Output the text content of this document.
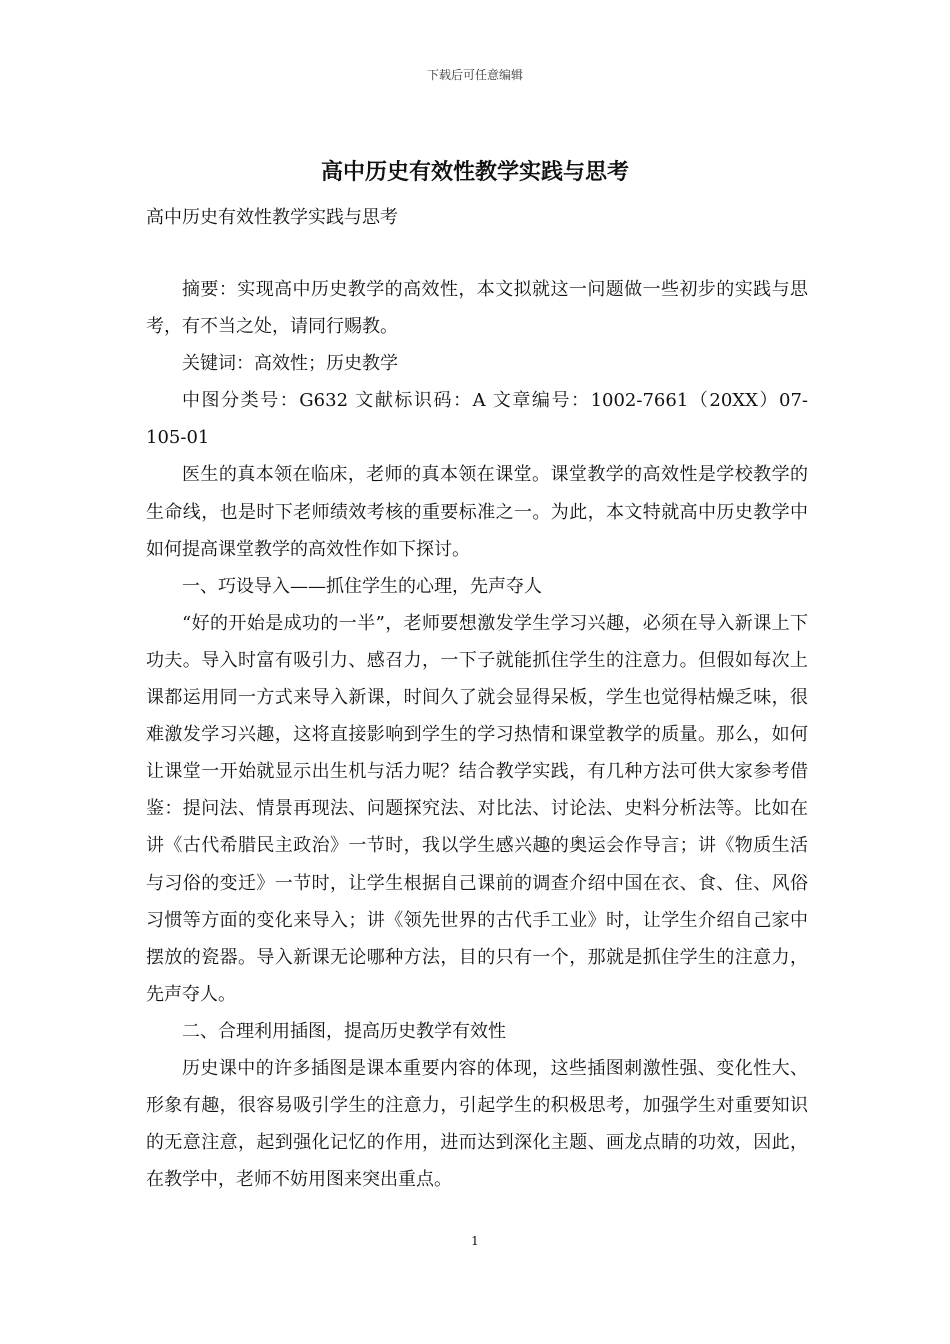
下载后可任意编辑
高中历史有效性教学实践与思考
高中历史有效性教学实践与思考

摘要：实现高中历史教学的高效性，本文拟就这一问题做一些初步的实践与思考，有不当之处，请同行赐教。

关键词：高效性；历史教学

中图分类号：G632 文献标识码：A 文章编号：1002-7661（20XX）07-105-01

医生的真本领在临床，老师的真本领在课堂。课堂教学的高效性是学校教学的生命线，也是时下老师绩效考核的重要标准之一。为此，本文特就高中历史教学中如何提高课堂教学的高效性作如下探讨。

一、巧设导入——抓住学生的心理，先声夺人

“好的开始是成功的一半”，老师要想激发学生学习兴趣，必须在导入新课上下功夫。导入时富有吸引力、感召力，一下子就能抓住学生的注意力。但假如每次上课都运用同一方式来导入新课，时间久了就会显得呆板，学生也觉得枯燥乏味，很难激发学习兴趣，这将直接影响到学生的学习热情和课堂教学的质量。那么，如何让课堂一开始就显示出生机与活力呢？结合教学实践，有几种方法可供大家参考借鉴：提问法、情景再现法、问题探究法、对比法、讨论法、史料分析法等。比如在讲《古代希腊民主政治》一节时，我以学生感兴趣的奥运会作导言；讲《物质生活与习俗的变迁》一节时，让学生根据自己课前的调查介绍中国在衣、食、住、风俗习惯等方面的变化来导入；讲《领先世界的古代手工业》时，让学生介绍自己家中摆放的瓷器。导入新课无论哪种方法，目的只有一个，那就是抓住学生的注意力，先声夺人。

二、合理利用插图，提高历史教学有效性

历史课中的许多插图是课本重要内容的体现，这些插图刺激性强、变化性大、形象有趣，很容易吸引学生的注意力，引起学生的积极思考，加强学生对重要知识的无意注意，起到强化记忆的作用，进而达到深化主题、画龙点睛的功效，因此，在教学中，老师不妨用图来突出重点。

1
